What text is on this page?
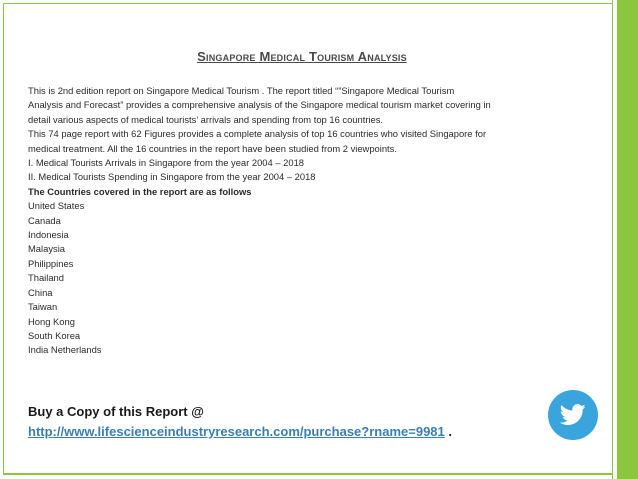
Singapore Medical Tourism Analysis
This is 2nd edition report on Singapore Medical Tourism . The report titled “”Singapore Medical Tourism
Analysis and Forecast” provides a comprehensive analysis of the Singapore medical tourism market covering in
detail various aspects of medical tourists’ arrivals and spending from top 16 countries.
This 74 page report with 62 Figures provides a complete analysis of top 16 countries who visited Singapore for
medical treatment. All the 16 countries in the report have been studied from 2 viewpoints.
I. Medical Tourists Arrivals in Singapore from the year 2004 – 2018
II. Medical Tourists Spending in Singapore from the year 2004 – 2018
The Countries covered in the report are as follows
United States
Canada
Indonesia
Malaysia
Philippines
Thailand
China
Taiwan
Hong Kong
South Korea
India Netherlands
Buy a Copy of this Report @
http://www.lifescienceindustryresearch.com/purchase?rname=9981 .
